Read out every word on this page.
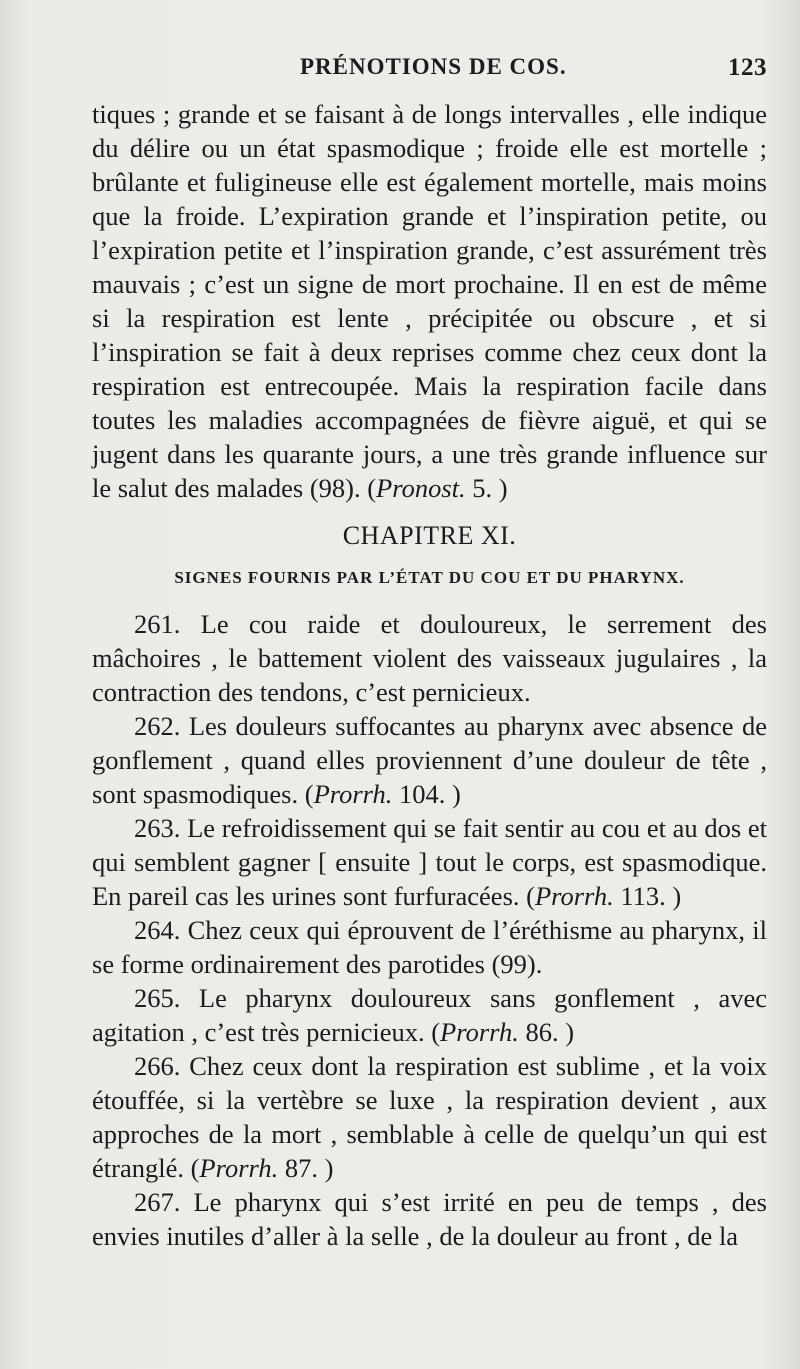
PRÉNOTIONS DE COS.	123

tiques ; grande et se faisant à de longs intervalles , elle indique du délire ou un état spasmodique ; froide elle est mortelle ; brûlante et fuligineuse elle est également mortelle, mais moins que la froide. L’expiration grande et l’inspiration petite, ou l’expiration petite et l’inspiration grande, c’est assurément très mauvais ; c’est un signe de mort prochaine. Il en est de même si la respiration est lente , précipitée ou obscure , et si l’inspiration se fait à deux reprises comme chez ceux dont la respiration est entrecoupée. Mais la respiration facile dans toutes les maladies accompagnées de fièvre aiguë, et qui se jugent dans les quarante jours, a une très grande influence sur le salut des malades (98). (Pronost. 5. )

CHAPITRE XI.
SIGNES FOURNIS PAR L’ÉTAT DU COU ET DU PHARYNX.

261. Le cou raide et douloureux, le serrement des mâchoires , le battement violent des vaisseaux jugulaires , la contraction des tendons, c’est pernicieux.

262. Les douleurs suffocantes au pharynx avec absence de gonflement , quand elles proviennent d’une douleur de tête , sont spasmodiques. (Prorrh. 104. )

263. Le refroidissement qui se fait sentir au cou et au dos et qui semblent gagner [ ensuite ] tout le corps, est spasmodique. En pareil cas les urines sont furfuracées. (Prorrh. 113. )

264. Chez ceux qui éprouvent de l’éréthisme au pharynx, il se forme ordinairement des parotides (99).

265. Le pharynx douloureux sans gonflement , avec agitation , c’est très pernicieux. (Prorrh. 86. )

266. Chez ceux dont la respiration est sublime , et la voix étouffée, si la vertèbre se luxe , la respiration devient , aux approches de la mort , semblable à celle de quelqu’un qui est étranglé. (Prorrh. 87. )

267. Le pharynx qui s’est irrité en peu de temps , des envies inutiles d’aller à la selle , de la douleur au front , de la
